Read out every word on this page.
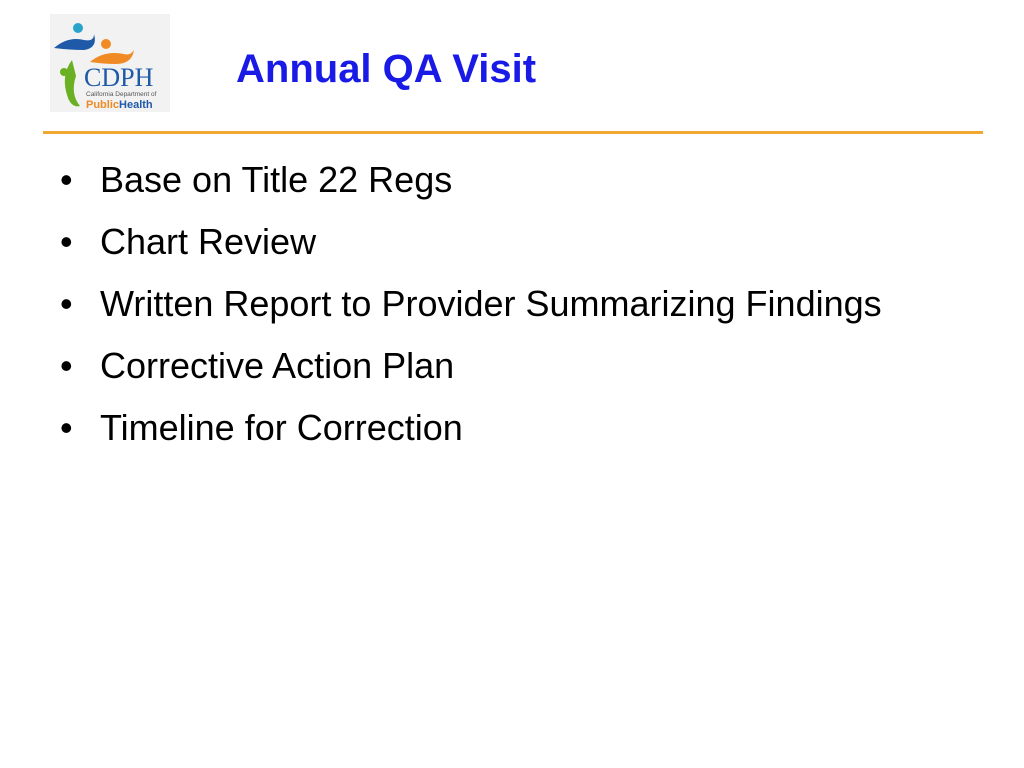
CDPH
California Department of
PublicHealth
Annual QA Visit
• Base on Title 22 Regs
• Chart Review
• Written Report to Provider Summarizing Findings
• Corrective Action Plan
• Timeline for Correction
